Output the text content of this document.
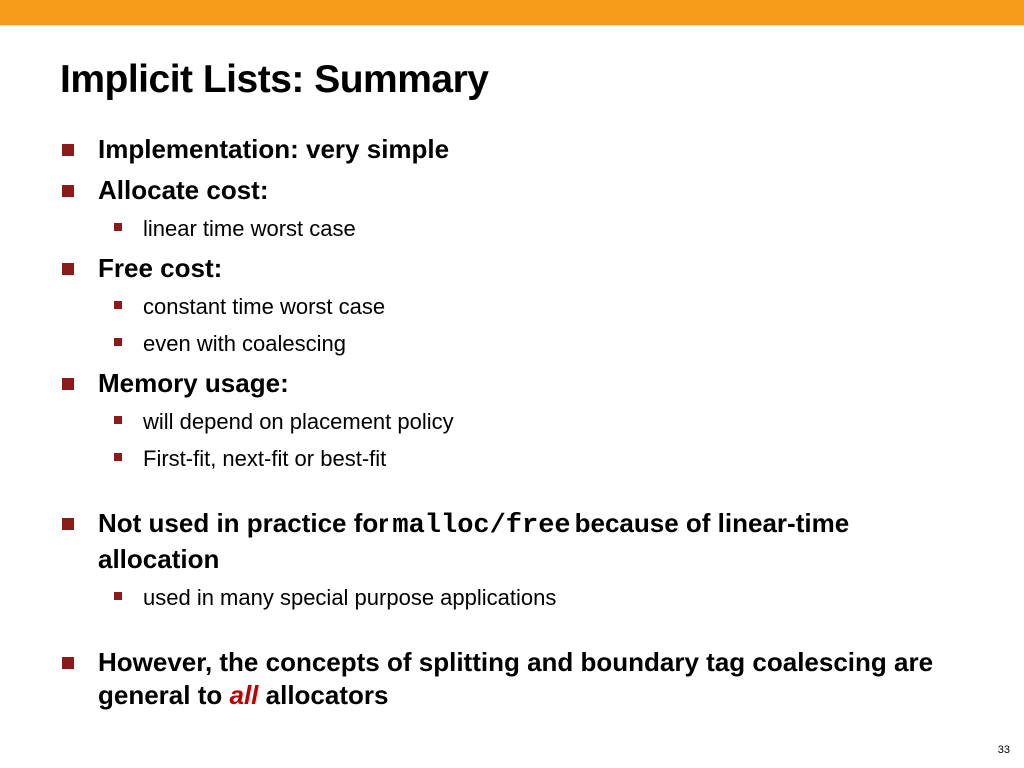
Implicit Lists: Summary
Implementation: very simple
Allocate cost:
linear time worst case
Free cost:
constant time worst case
even with coalescing
Memory usage:
will depend on placement policy
First-fit, next-fit or best-fit
Not used in practice for malloc/free because of linear-time allocation
used in many special purpose applications
However, the concepts of splitting and boundary tag coalescing are general to all allocators
33
